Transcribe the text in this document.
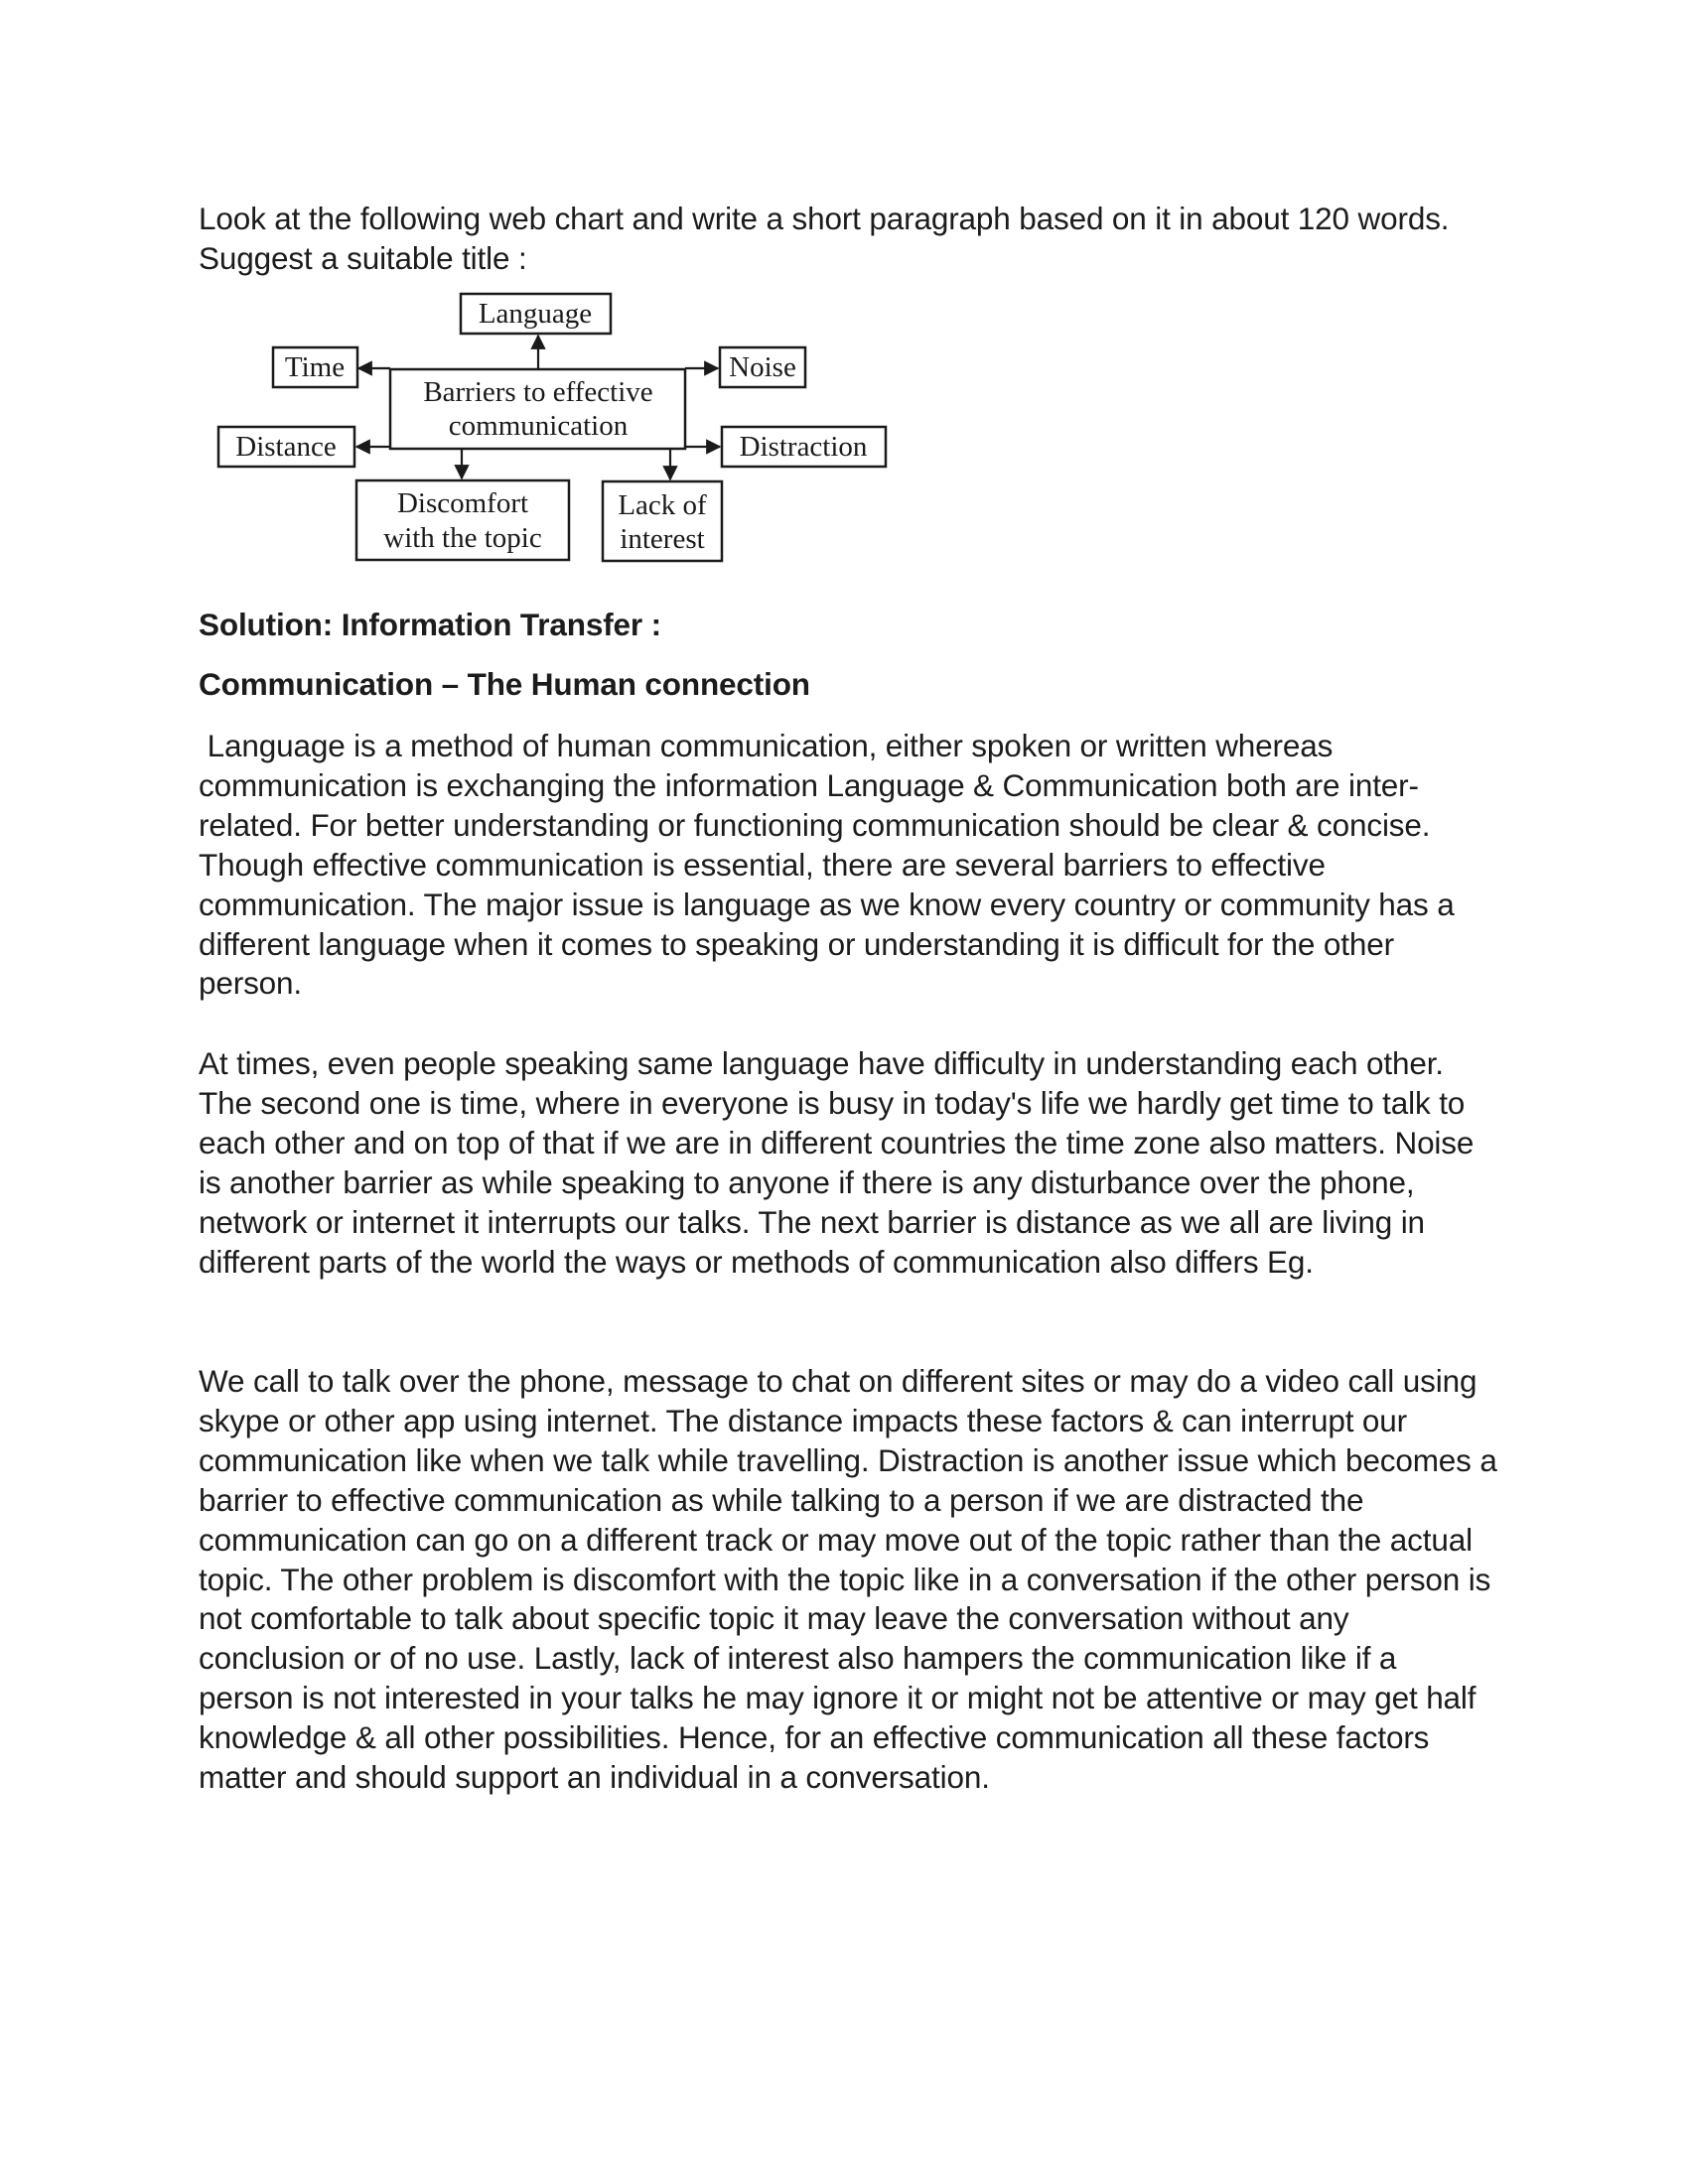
Look at the following web chart and write a short paragraph based on it in about 120 words. Suggest a suitable title :

Barriers to effective
communication
Language
Time	Noise
Distance	Distraction
Discomfort
with the topic
Lack of
interest

Solution: Information Transfer :

Communication – The Human connection

Language is a method of human communication, either spoken or written whereas communication is exchanging the information Language & Communication both are inter-related. For better understanding or functioning communication should be clear & concise. Though effective communication is essential, there are several barriers to effective communication. The major issue is language as we know every country or community has a different language when it comes to speaking or understanding it is difficult for the other person.

At times, even people speaking same language have difficulty in understanding each other. The second one is time, where in everyone is busy in today's life we hardly get time to talk to each other and on top of that if we are in different countries the time zone also matters. Noise is another barrier as while speaking to anyone if there is any disturbance over the phone, network or internet it interrupts our talks. The next barrier is distance as we all are living in different parts of the world the ways or methods of communication also differs Eg.

We call to talk over the phone, message to chat on different sites or may do a video call using skype or other app using internet. The distance impacts these factors & can interrupt our communication like when we talk while travelling. Distraction is another issue which becomes a barrier to effective communication as while talking to a person if we are distracted the communication can go on a different track or may move out of the topic rather than the actual topic. The other problem is discomfort with the topic like in a conversation if the other person is not comfortable to talk about specific topic it may leave the conversation without any conclusion or of no use. Lastly, lack of interest also hampers the communication like if a person is not interested in your talks he may ignore it or might not be attentive or may get half knowledge & all other possibilities. Hence, for an effective communication all these factors matter and should support an individual in a conversation.
